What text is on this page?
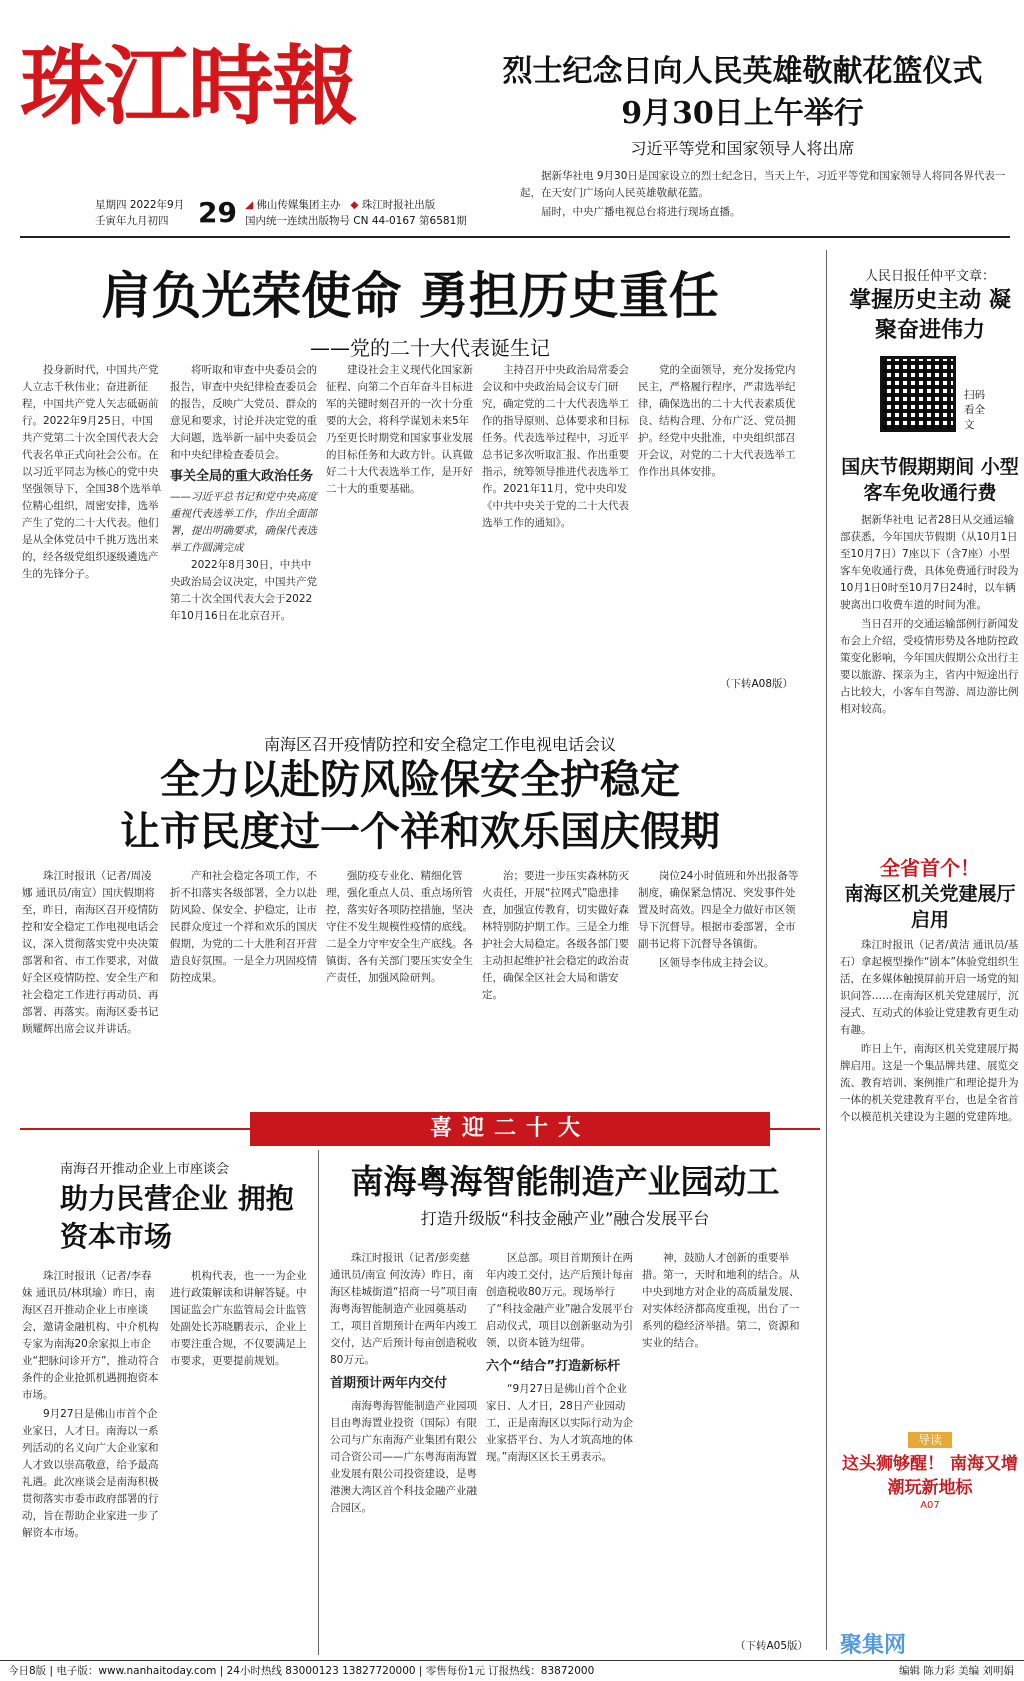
珠江時報	烈士纪念日向人民英雄敬献花篮仪式
9月30日上午举行
习近平等党和国家领导人将出席

据新华社电 9月30日是国家设立的烈士纪念日，当天上午，习近平等党和国家领导人将同各界代表一起，在天安门广场向人民英雄敬献花篮。

届时，中央广播电视总台将进行现场直播。

星期四 2022年9月
壬寅年九月初四	29 ◢ 佛山传媒集团主办 ◆ 珠江时报社出版
国内统一连续出版物号 CN 44-0167 第6581期
肩负光荣使命 勇担历史重任
——党的二十大代表诞生记

投身新时代，中国共产党人立志千秋伟业；奋进新征程，中国共产党人矢志砥砺前行。2022年9月25日，中国共产党第二十次全国代表大会代表名单正式向社会公布。在以习近平同志为核心的党中央坚强领导下，全国38个选举单位精心组织，周密安排，选举产生了党的二十大代表。他们是从全体党员中千挑万选出来的，经各级党组织逐级遴选产生的先锋分子。

将听取和审查中央委员会的报告，审查中央纪律检查委员会的报告，反映广大党员、群众的意见和要求，讨论并决定党的重大问题，选举新一届中央委员会和中央纪律检查委员会。

事关全局的重大政治任务
——习近平总书记和党中央高度重视代表选举工作，作出全面部署，提出明确要求，确保代表选举工作圆满完成

2022年8月30日，中共中央政治局会议决定，中国共产党第二十次全国代表大会于2022年10月16日在北京召开。

建设社会主义现代化国家新征程、向第二个百年奋斗目标进军的关键时刻召开的一次十分重要的大会，将科学谋划未来5年乃至更长时期党和国家事业发展的目标任务和大政方针。认真做好二十大代表选举工作，是开好二十大的重要基础。

主持召开中央政治局常委会会议和中央政治局会议专门研究，确定党的二十大代表选举工作的指导原则、总体要求和目标任务。代表选举过程中，习近平总书记多次听取汇报、作出重要指示，统筹领导推进代表选举工作。2021年11月，党中央印发《中共中央关于党的二十大代表选举工作的通知》。

党的全面领导，充分发扬党内民主，严格履行程序，严肃选举纪律，确保选出的二十大代表素质优良、结构合理、分布广泛、党员拥护。经党中央批准，中央组织部召开会议，对党的二十大代表选举工作作出具体安排。

（下转A08版）
人民日报任仲平文章：
掌握历史主动 凝聚奋进伟力
扫码看全文
国庆节假期期间 小型客车免收通行费

据新华社电 记者28日从交通运输部获悉，今年国庆节假期（从10月1日至10月7日）7座以下（含7座）小型客车免收通行费，具体免费通行时段为10月1日0时至10月7日24时，以车辆驶离出口收费车道的时间为准。

当日召开的交通运输部例行新闻发布会上介绍，受疫情形势及各地防控政策变化影响，今年国庆假期公众出行主要以旅游、探亲为主，省内中短途出行占比较大，小客车自驾游、周边游比例相对较高。

全省首个！
南海区机关党建展厅启用

珠江时报讯（记者/黄洁 通讯员/基石）拿起模型操作“剧本”体验党组织生活，在多媒体触摸屏前开启一场党的知识问答……在南海区机关党建展厅，沉浸式、互动式的体验让党建教育更生动有趣。

昨日上午，南海区机关党建展厅揭牌启用。这是一个集品牌共建、展览交流、教育培训、案例推广和理论提升为一体的机关党建教育平台，也是全省首个以模范机关建设为主题的党建阵地。

导读
这头狮够醒！ 南海又增潮玩新地标
A07
南海区召开疫情防控和安全稳定工作电视电话会议
全力以赴防风险保安全护稳定
让市民度过一个祥和欢乐国庆假期

珠江时报讯（记者/周凌娜 通讯员/南宣）国庆假期将至，昨日，南海区召开疫情防控和安全稳定工作电视电话会议，深入贯彻落实党中央决策部署和省、市工作要求，对做好全区疫情防控、安全生产和社会稳定工作进行再动员、再部署、再落实。南海区委书记顾耀辉出席会议并讲话。

产和社会稳定各项工作，不折不扣落实各级部署，全力以赴防风险、保安全、护稳定，让市民群众度过一个祥和欢乐的国庆假期，为党的二十大胜利召开营造良好氛围。一是全力巩固疫情防控成果。

强防疫专业化、精细化管理，强化重点人员、重点场所管控，落实好各项防控措施，坚决守住不发生规模性疫情的底线。二是全力守牢安全生产底线。各镇街、各有关部门要压实安全生产责任，加强风险研判。

治；要进一步压实森林防灭火责任，开展“拉网式”隐患排查，加强宣传教育，切实做好森林特别防护期工作。三是全力维护社会大局稳定。各级各部门要主动担起维护社会稳定的政治责任，确保全区社会大局和谐安定。

岗位24小时值班和外出报备等制度，确保紧急情况、突发事件处置及时高效。四是全力做好市区领导下沉督导。根据市委部署，全市副书记将下沉督导各镇街。

区领导李伟成主持会议。

喜迎二十大
南海召开推动企业上市座谈会
助力民营企业 拥抱资本市场

珠江时报讯（记者/李春妹 通讯员/林琪瑜）昨日，南海区召开推动企业上市座谈会，邀请金融机构、中介机构专家为南海20余家拟上市企业“把脉问诊开方”，推动符合条件的企业抢抓机遇拥抱资本市场。

9月27日是佛山市首个企业家日，人才日。南海以一系列活动的名义向广大企业家和人才致以崇高敬意，给予最高礼遇。此次座谈会是南海积极贯彻落实市委市政府部署的行动，旨在帮助企业家进一步了解资本市场。

机构代表，也一一为企业进行政策解读和讲解答疑。中国证监会广东监管局会计监管处副处长苏晓鹏表示，企业上市要注重合规，不仅要满足上市要求，更要提前规划。

南海粤海智能制造产业园动工
打造升级版“科技金融产业”融合发展平台

珠江时报讯（记者/彭奕慈 通讯员/南宣 何汝涛）昨日，南海区桂城街道“招商一号”项目南海粤海智能制造产业园奠基动工，项目首期预计在两年内竣工交付，达产后预计每亩创造税收80万元。

首期预计两年内交付

南海粤海智能制造产业园项目由粤海置业投资（国际）有限公司与广东南海产业集团有限公司合资公司——广东粤海南海置业发展有限公司投资建设，是粤港澳大湾区首个科技金融产业融合园区。

区总部。项目首期预计在两年内竣工交付，达产后预计每亩创造税收80万元。现场举行了“科技金融产业”融合发展平台启动仪式，项目以创新驱动为引领，以资本链为纽带。

六个“结合”打造新标杆

“9月27日是佛山首个企业家日、人才日，28日产业园动工，正是南海区以实际行动为企业家搭平台、为人才筑高地的体现。”南海区区长王勇表示。

神，鼓励人才创新的重要举措。第一，天时和地利的结合。从中央到地方对企业的高质量发展、对实体经济都高度重视，出台了一系列的稳经济举措。第二，资源和实业的结合。

（下转A05版）
今日8版 | 电子版：www.nanhaitoday.com | 24小时热线 83000123 13827720000 | 零售每份1元 订报热线：83872000	编辑 陈力彩 美编 刘明娟
聚集网
